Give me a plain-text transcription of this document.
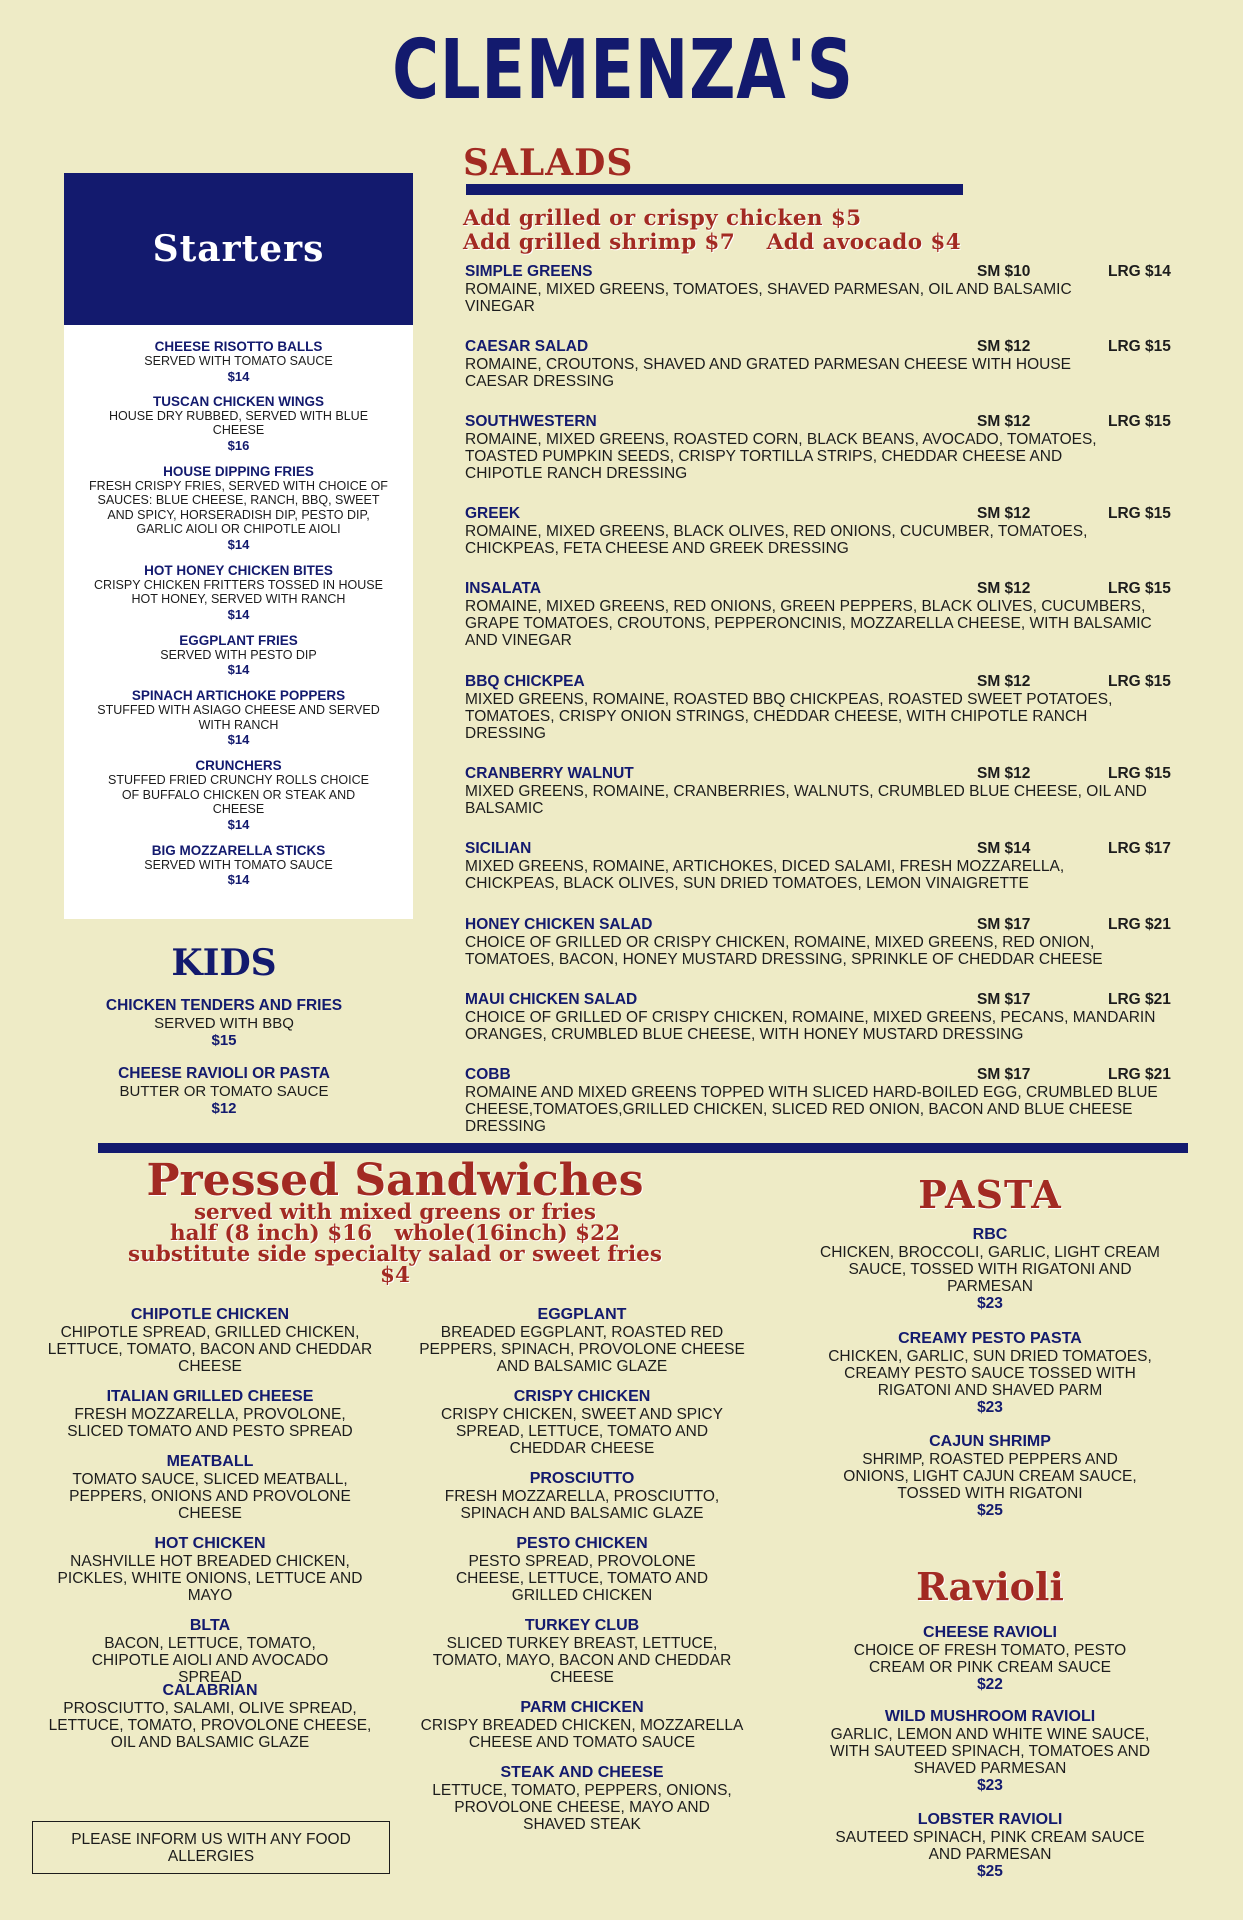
CLEMENZA'S
Starters
CHEESE RISOTTO BALLS
SERVED WITH TOMATO SAUCE
$14
TUSCAN CHICKEN WINGS
HOUSE DRY RUBBED, SERVED WITH BLUE CHEESE
$16
HOUSE DIPPING FRIES
FRESH CRISPY FRIES, SERVED WITH CHOICE OF SAUCES: BLUE CHEESE, RANCH, BBQ, SWEET AND SPICY, HORSERADISH DIP, PESTO DIP, GARLIC AIOLI OR CHIPOTLE AIOLI
$14
HOT HONEY CHICKEN BITES
CRISPY CHICKEN FRITTERS TOSSED IN HOUSE HOT HONEY, SERVED WITH RANCH
$14
EGGPLANT FRIES
SERVED WITH PESTO DIP
$14
SPINACH ARTICHOKE POPPERS
STUFFED WITH ASIAGO CHEESE AND SERVED WITH RANCH
$14
CRUNCHERS
STUFFED FRIED CRUNCHY ROLLS CHOICE OF BUFFALO CHICKEN OR STEAK AND CHEESE
$14
BIG MOZZARELLA STICKS
SERVED WITH TOMATO SAUCE
$14
KIDS
CHICKEN TENDERS AND FRIES
SERVED WITH BBQ
$15
CHEESE RAVIOLI OR PASTA
BUTTER OR TOMATO SAUCE
$12
SALADS
Add grilled or crispy chicken $5
Add grilled shrimp $7    Add avocado $4
SIMPLE GREENS	SM $10	LRG $14
ROMAINE, MIXED GREENS, TOMATOES, SHAVED PARMESAN, OIL AND BALSAMIC VINEGAR
CAESAR SALAD	SM $12	LRG $15
ROMAINE, CROUTONS, SHAVED AND GRATED PARMESAN CHEESE WITH HOUSE CAESAR DRESSING
SOUTHWESTERN	SM $12	LRG $15
ROMAINE, MIXED GREENS, ROASTED CORN, BLACK BEANS, AVOCADO, TOMATOES, TOASTED PUMPKIN SEEDS, CRISPY TORTILLA STRIPS, CHEDDAR CHEESE AND CHIPOTLE RANCH DRESSING
GREEK	SM $12	LRG $15
ROMAINE, MIXED GREENS, BLACK OLIVES, RED ONIONS, CUCUMBER, TOMATOES, CHICKPEAS, FETA CHEESE AND GREEK DRESSING
INSALATA	SM $12	LRG $15
ROMAINE, MIXED GREENS, RED ONIONS, GREEN PEPPERS, BLACK OLIVES, CUCUMBERS, GRAPE TOMATOES, CROUTONS, PEPPERONCINIS, MOZZARELLA CHEESE, WITH BALSAMIC AND VINEGAR
BBQ CHICKPEA	SM $12	LRG $15
MIXED GREENS, ROMAINE, ROASTED BBQ CHICKPEAS, ROASTED SWEET POTATOES, TOMATOES, CRISPY ONION STRINGS, CHEDDAR CHEESE, WITH CHIPOTLE RANCH DRESSING
CRANBERRY WALNUT	SM $12	LRG $15
MIXED GREENS, ROMAINE, CRANBERRIES, WALNUTS, CRUMBLED BLUE CHEESE, OIL AND BALSAMIC
SICILIAN	SM $14	LRG $17
MIXED GREENS, ROMAINE, ARTICHOKES, DICED SALAMI, FRESH MOZZARELLA, CHICKPEAS, BLACK OLIVES, SUN DRIED TOMATOES, LEMON VINAIGRETTE
HONEY CHICKEN SALAD	SM $17	LRG $21
CHOICE OF GRILLED OR CRISPY CHICKEN, ROMAINE, MIXED GREENS, RED ONION, TOMATOES, BACON, HONEY MUSTARD DRESSING, SPRINKLE OF CHEDDAR CHEESE
MAUI CHICKEN SALAD	SM $17	LRG $21
CHOICE OF GRILLED OF CRISPY CHICKEN, ROMAINE, MIXED GREENS, PECANS, MANDARIN ORANGES, CRUMBLED BLUE CHEESE, WITH HONEY MUSTARD DRESSING
COBB	SM $17	LRG $21
ROMAINE AND MIXED GREENS TOPPED WITH SLICED HARD-BOILED EGG, CRUMBLED BLUE CHEESE,TOMATOES,GRILLED CHICKEN, SLICED RED ONION, BACON AND BLUE CHEESE DRESSING
Pressed Sandwiches
served with mixed greens or fries
half (8 inch) $16   whole(16inch) $22
substitute side specialty salad or sweet fries
$4
CHIPOTLE CHICKEN
CHIPOTLE SPREAD, GRILLED CHICKEN, LETTUCE, TOMATO, BACON AND CHEDDAR CHEESE
ITALIAN GRILLED CHEESE
FRESH MOZZARELLA, PROVOLONE, SLICED TOMATO AND PESTO SPREAD
MEATBALL
TOMATO SAUCE, SLICED MEATBALL, PEPPERS, ONIONS AND PROVOLONE CHEESE
HOT CHICKEN
NASHVILLE HOT BREADED CHICKEN, PICKLES, WHITE ONIONS, LETTUCE AND MAYO
BLTA
BACON, LETTUCE, TOMATO, CHIPOTLE AIOLI AND AVOCADO SPREAD
CALABRIAN
PROSCIUTTO, SALAMI, OLIVE SPREAD, LETTUCE, TOMATO, PROVOLONE CHEESE, OIL AND BALSAMIC GLAZE
EGGPLANT
BREADED EGGPLANT, ROASTED RED PEPPERS, SPINACH, PROVOLONE CHEESE AND BALSAMIC GLAZE
CRISPY CHICKEN
CRISPY CHICKEN, SWEET AND SPICY SPREAD, LETTUCE, TOMATO AND CHEDDAR CHEESE
PROSCIUTTO
FRESH MOZZARELLA, PROSCIUTTO, SPINACH AND BALSAMIC GLAZE
PESTO CHICKEN
PESTO SPREAD, PROVOLONE CHEESE, LETTUCE, TOMATO AND GRILLED CHICKEN
TURKEY CLUB
SLICED TURKEY BREAST, LETTUCE, TOMATO, MAYO, BACON AND CHEDDAR CHEESE
PARM CHICKEN
CRISPY BREADED CHICKEN, MOZZARELLA CHEESE AND TOMATO SAUCE
STEAK AND CHEESE
LETTUCE, TOMATO, PEPPERS, ONIONS, PROVOLONE CHEESE, MAYO AND SHAVED STEAK
PLEASE INFORM US WITH ANY FOOD ALLERGIES
PASTA
RBC
CHICKEN, BROCCOLI, GARLIC, LIGHT CREAM SAUCE, TOSSED WITH RIGATONI AND PARMESAN
$23
CREAMY PESTO PASTA
CHICKEN, GARLIC, SUN DRIED TOMATOES, CREAMY PESTO SAUCE TOSSED WITH RIGATONI AND SHAVED PARM
$23
CAJUN SHRIMP
SHRIMP, ROASTED PEPPERS AND ONIONS, LIGHT CAJUN CREAM SAUCE, TOSSED WITH RIGATONI
$25
Ravioli
CHEESE RAVIOLI
CHOICE OF FRESH TOMATO, PESTO CREAM OR PINK CREAM SAUCE
$22
WILD MUSHROOM RAVIOLI
GARLIC, LEMON AND WHITE WINE SAUCE, WITH SAUTEED SPINACH, TOMATOES AND SHAVED PARMESAN
$23
LOBSTER RAVIOLI
SAUTEED SPINACH, PINK CREAM SAUCE AND PARMESAN
$25
